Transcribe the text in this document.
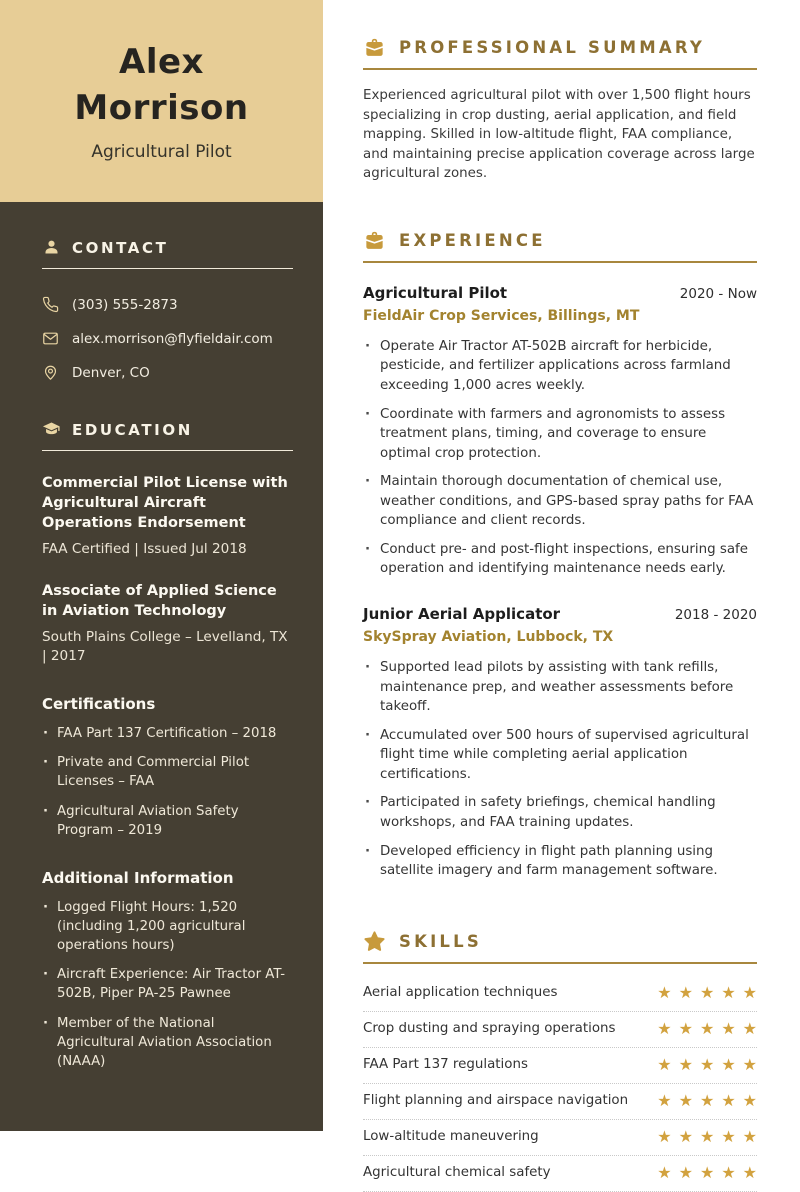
Alex Morrison
Agricultural Pilot
CONTACT
(303) 555-2873
alex.morrison@flyfieldair.com
Denver, CO
EDUCATION
Commercial Pilot License with Agricultural Aircraft Operations Endorsement
FAA Certified | Issued Jul 2018
Associate of Applied Science in Aviation Technology
South Plains College – Levelland, TX | 2017
Certifications
· FAA Part 137 Certification – 2018
· Private and Commercial Pilot Licenses – FAA
· Agricultural Aviation Safety Program – 2019
Additional Information
· Logged Flight Hours: 1,520 (including 1,200 agricultural operations hours)
· Aircraft Experience: Air Tractor AT-502B, Piper PA-25 Pawnee
· Member of the National Agricultural Aviation Association (NAAA)
PROFESSIONAL SUMMARY

Experienced agricultural pilot with over 1,500 flight hours specializing in crop dusting, aerial application, and field mapping. Skilled in low-altitude flight, FAA compliance, and maintaining precise application coverage across large agricultural zones.

EXPERIENCE
Agricultural Pilot	2020 - Now
FieldAir Crop Services, Billings, MT
· Operate Air Tractor AT-502B aircraft for herbicide, pesticide, and fertilizer applications across farmland exceeding 1,000 acres weekly.
· Coordinate with farmers and agronomists to assess treatment plans, timing, and coverage to ensure optimal crop protection.
· Maintain thorough documentation of chemical use, weather conditions, and GPS-based spray paths for FAA compliance and client records.
· Conduct pre- and post-flight inspections, ensuring safe operation and identifying maintenance needs early.
Junior Aerial Applicator	2018 - 2020
SkySpray Aviation, Lubbock, TX
· Supported lead pilots by assisting with tank refills, maintenance prep, and weather assessments before takeoff.
· Accumulated over 500 hours of supervised agricultural flight time while completing aerial application certifications.
· Participated in safety briefings, chemical handling workshops, and FAA training updates.
· Developed efficiency in flight path planning using satellite imagery and farm management software.
SKILLS
Aerial application techniques	★★★★★
Crop dusting and spraying operations	★★★★★
FAA Part 137 regulations	★★★★★
Flight planning and airspace navigation ★★★★★
Low-altitude maneuvering	★★★★★
Agricultural chemical safety	★★★★★
